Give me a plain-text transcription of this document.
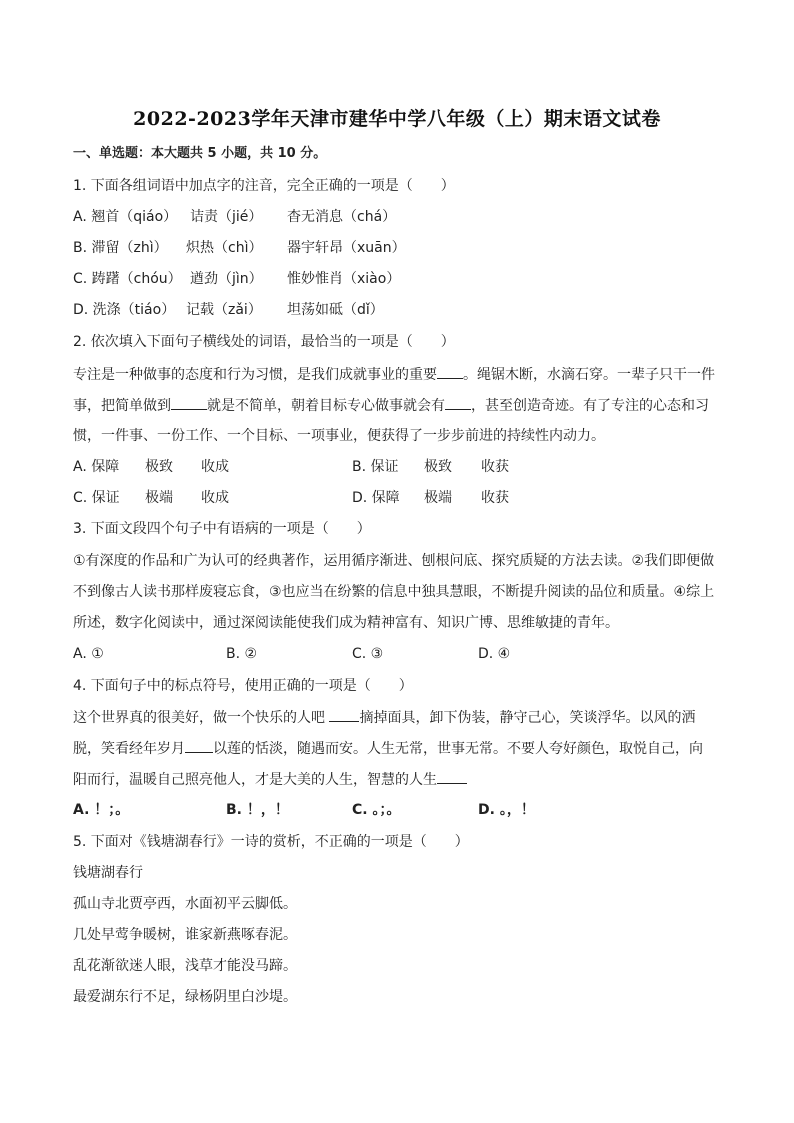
2022-2023学年天津市建华中学八年级（上）期末语文试卷
一、单选题：本大题共 5 小题，共 10 分。
1. 下面各组词语中加点字的注音，完全正确的一项是（　　）
A. 翘首（qiáo） 诘责（jié） 杳无消息（chá）
B. 滞留（zhì） 炽热（chì） 器宇轩昂（xuān）
C. 踌躇（chóu） 遒劲（jìn） 惟妙惟肖（xiào）
D. 洗涤（tiáo） 记载（zǎi） 坦荡如砥（dǐ）
2. 依次填入下面句子横线处的词语，最恰当的一项是（　　）
专注是一种做事的态度和行为习惯，是我们成就事业的重要 。绳锯木断，水滴石穿。一辈子只干一件
事，把简单做到	就是不简单，朝着目标专心做事就会有 ，甚至创造奇迹。有了专注的心态和习
惯，一件事、一份工作、一个目标、一项事业，便获得了一步步前进的持续性内动力。
A. 保障 极致 收成	B. 保证 极致 收获
C. 保证 极端 收成	D. 保障 极端 收获
3. 下面文段四个句子中有语病的一项是（　　）
①有深度的作品和广为认可的经典著作，运用循序渐进、刨根问底、探究质疑的方法去读。②我们即便做
不到像古人读书那样废寝忘食，③也应当在纷繁的信息中独具慧眼，不断提升阅读的品位和质量。④综上
所述，数字化阅读中，通过深阅读能使我们成为精神富有、知识广博、思维敏捷的青年。
A. ①	B. ②	C. ③	D. ④
4. 下面句子中的标点符号，使用正确的一项是（　　）
这个世界真的很美好，做一个快乐的人吧 摘掉面具，卸下伪装，静守己心，笑谈浮华。以风的洒
脱，笑看经年岁月 以莲的恬淡，随遇而安。人生无常，世事无常。不要人夸好颜色，取悦自己，向
阳而行，温暖自己照亮他人，才是大美的人生，智慧的人生
A. ！；。	B. ！，！	C. 。；。	D. 。，！
5. 下面对《钱塘湖春行》一诗的赏析，不正确的一项是（　　）
钱塘湖春行
孤山寺北贾亭西，水面初平云脚低。
几处早莺争暖树，谁家新燕啄春泥。
乱花渐欲迷人眼，浅草才能没马蹄。
最爱湖东行不足，绿杨阴里白沙堤。
